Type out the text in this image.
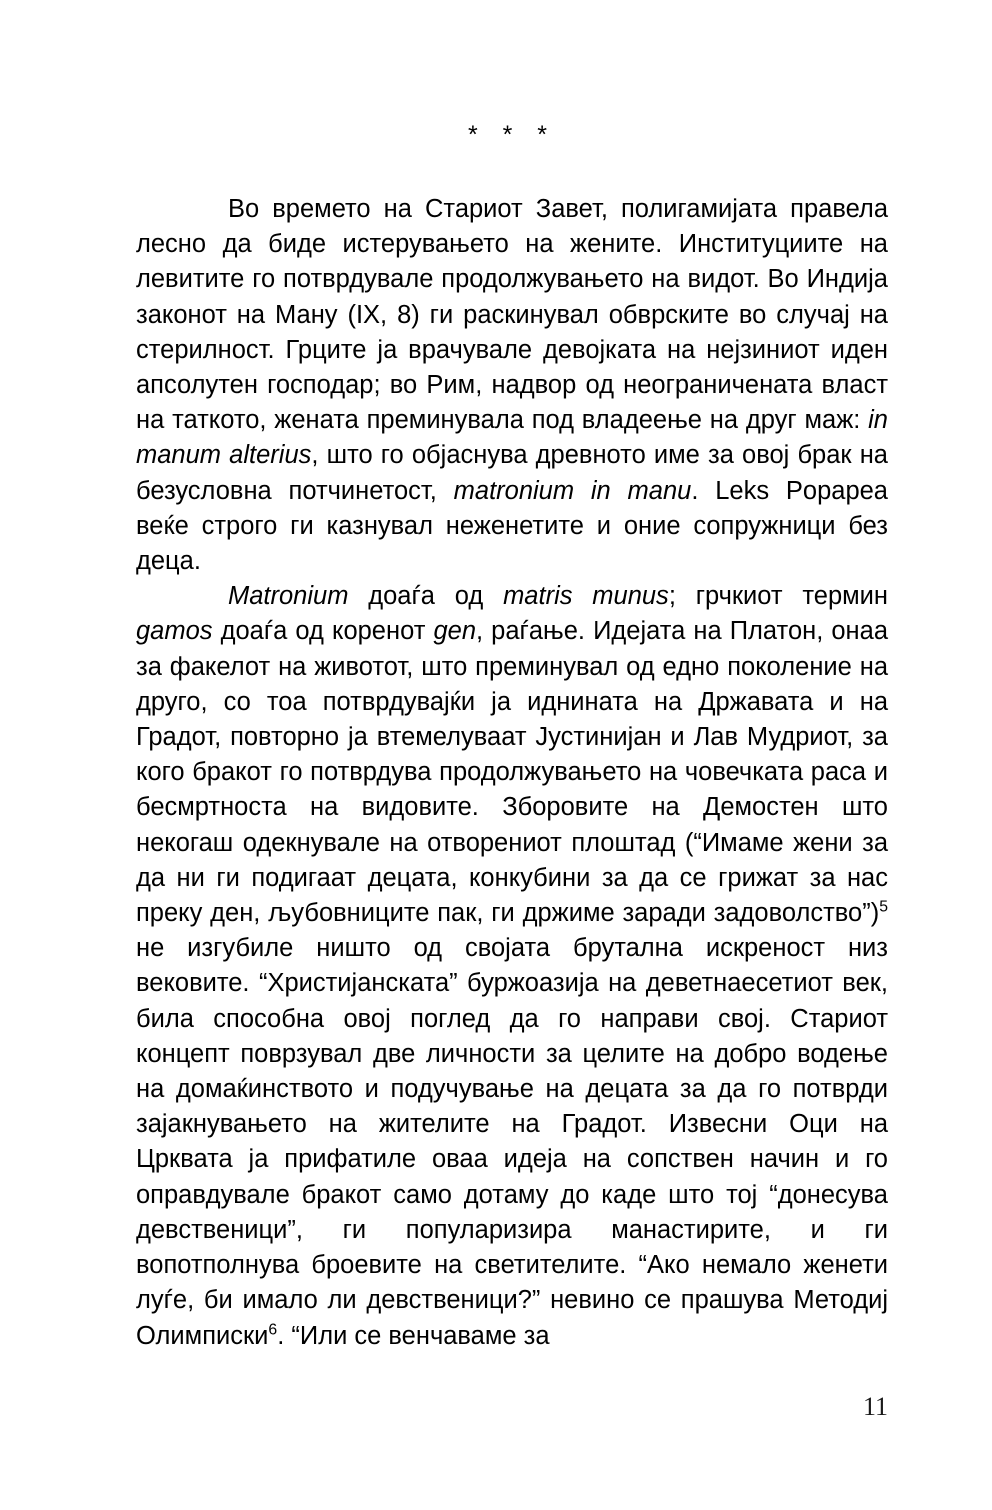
* * *

Во времето на Стариот Завет, полигамијата правела лесно да биде истерувањето на жените. Институциите на левитите го потврдувале продолжувањето на видот. Во Индија законот на Ману (IX, 8) ги раскинувал обврските во случај на стерилност. Грците ја врачувале девојката на нејзиниот иден апсолутен господар; во Рим, надвор од неограничената власт на таткото, жената преминувала под владеење на друг маж: in manum alterius, што го објаснува древното име за овој брак на безусловна потчинетост, matronium in manu. Leks Popapea веќе строго ги казнувал неженетите и оние сопружници без деца.

Matronium доаѓа од matris munus; грчкиот термин gamos доаѓа од коренот gen, раѓање. Идејата на Платон, онаа за факелот на животот, што преминувал од едно поколение на друго, со тоа потврдувајќи ја иднината на Државата и на Градот, повторно ја втемелуваат Јустинијан и Лав Мудриот, за кого бракот го потврдува продолжувањето на човечката раса и бесмртноста на видовите. Зборовите на Демостен што некогаш одекнувале на отворениот плоштад (“Имаме жени за да ни ги подигаат децата, конкубини за да се грижат за нас преку ден, љубовниците пак, ги држиме заради задоволство”)$^5$ не изгубиле ништо од својата брутална искреност низ вековите. “Христијанската” буржоазија на деветнаесетиот век, била способна овој поглед да го направи свој. Стариот концепт поврзувал две личности за целите на добро водење на домаќинството и подучување на децата за да го потврди зајакнувањето на жителите на Градот. Извесни Оци на Црквата ја прифатиле оваа идеја на сопствен начин и го оправдувале бракот само дотаму до каде што тој “донесува девственици”, ги популаризира манастирите, и ги вопотполнува броевите на светителите. “Ако немало женети луѓе, би имало ли девственици?” невино се прашува Методиј Олимписки$^6$. “Или се венчаваме за

11
